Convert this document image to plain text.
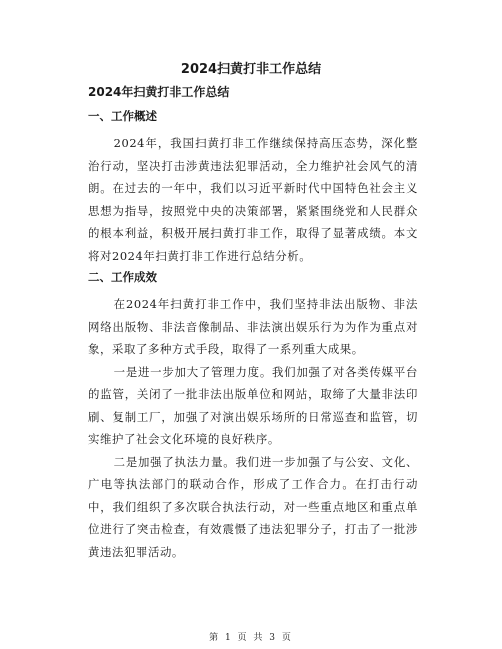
2024扫黄打非工作总结
2024年扫黄打非工作总结
一、工作概述

2024年，我国扫黄打非工作继续保持高压态势，深化整治行动，坚决打击涉黄违法犯罪活动，全力维护社会风气的清朗。在过去的一年中，我们以习近平新时代中国特色社会主义思想为指导，按照党中央的决策部署，紧紧围绕党和人民群众的根本利益，积极开展扫黄打非工作，取得了显著成绩。本文将对2024年扫黄打非工作进行总结分析。

二、工作成效

在2024年扫黄打非工作中，我们坚持非法出版物、非法网络出版物、非法音像制品、非法演出娱乐行为为作为重点对象，采取了多种方式手段，取得了一系列重大成果。

一是进一步加大了管理力度。我们加强了对各类传媒平台的监管，关闭了一批非法出版单位和网站，取缔了大量非法印刷、复制工厂，加强了对演出娱乐场所的日常巡查和监管，切实维护了社会文化环境的良好秩序。

二是加强了执法力量。我们进一步加强了与公安、文化、广电等执法部门的联动合作，形成了工作合力。在打击行动中，我们组织了多次联合执法行动，对一些重点地区和重点单位进行了突击检查，有效震慑了违法犯罪分子，打击了一批涉黄违法犯罪活动。

第 1 页 共 3 页
